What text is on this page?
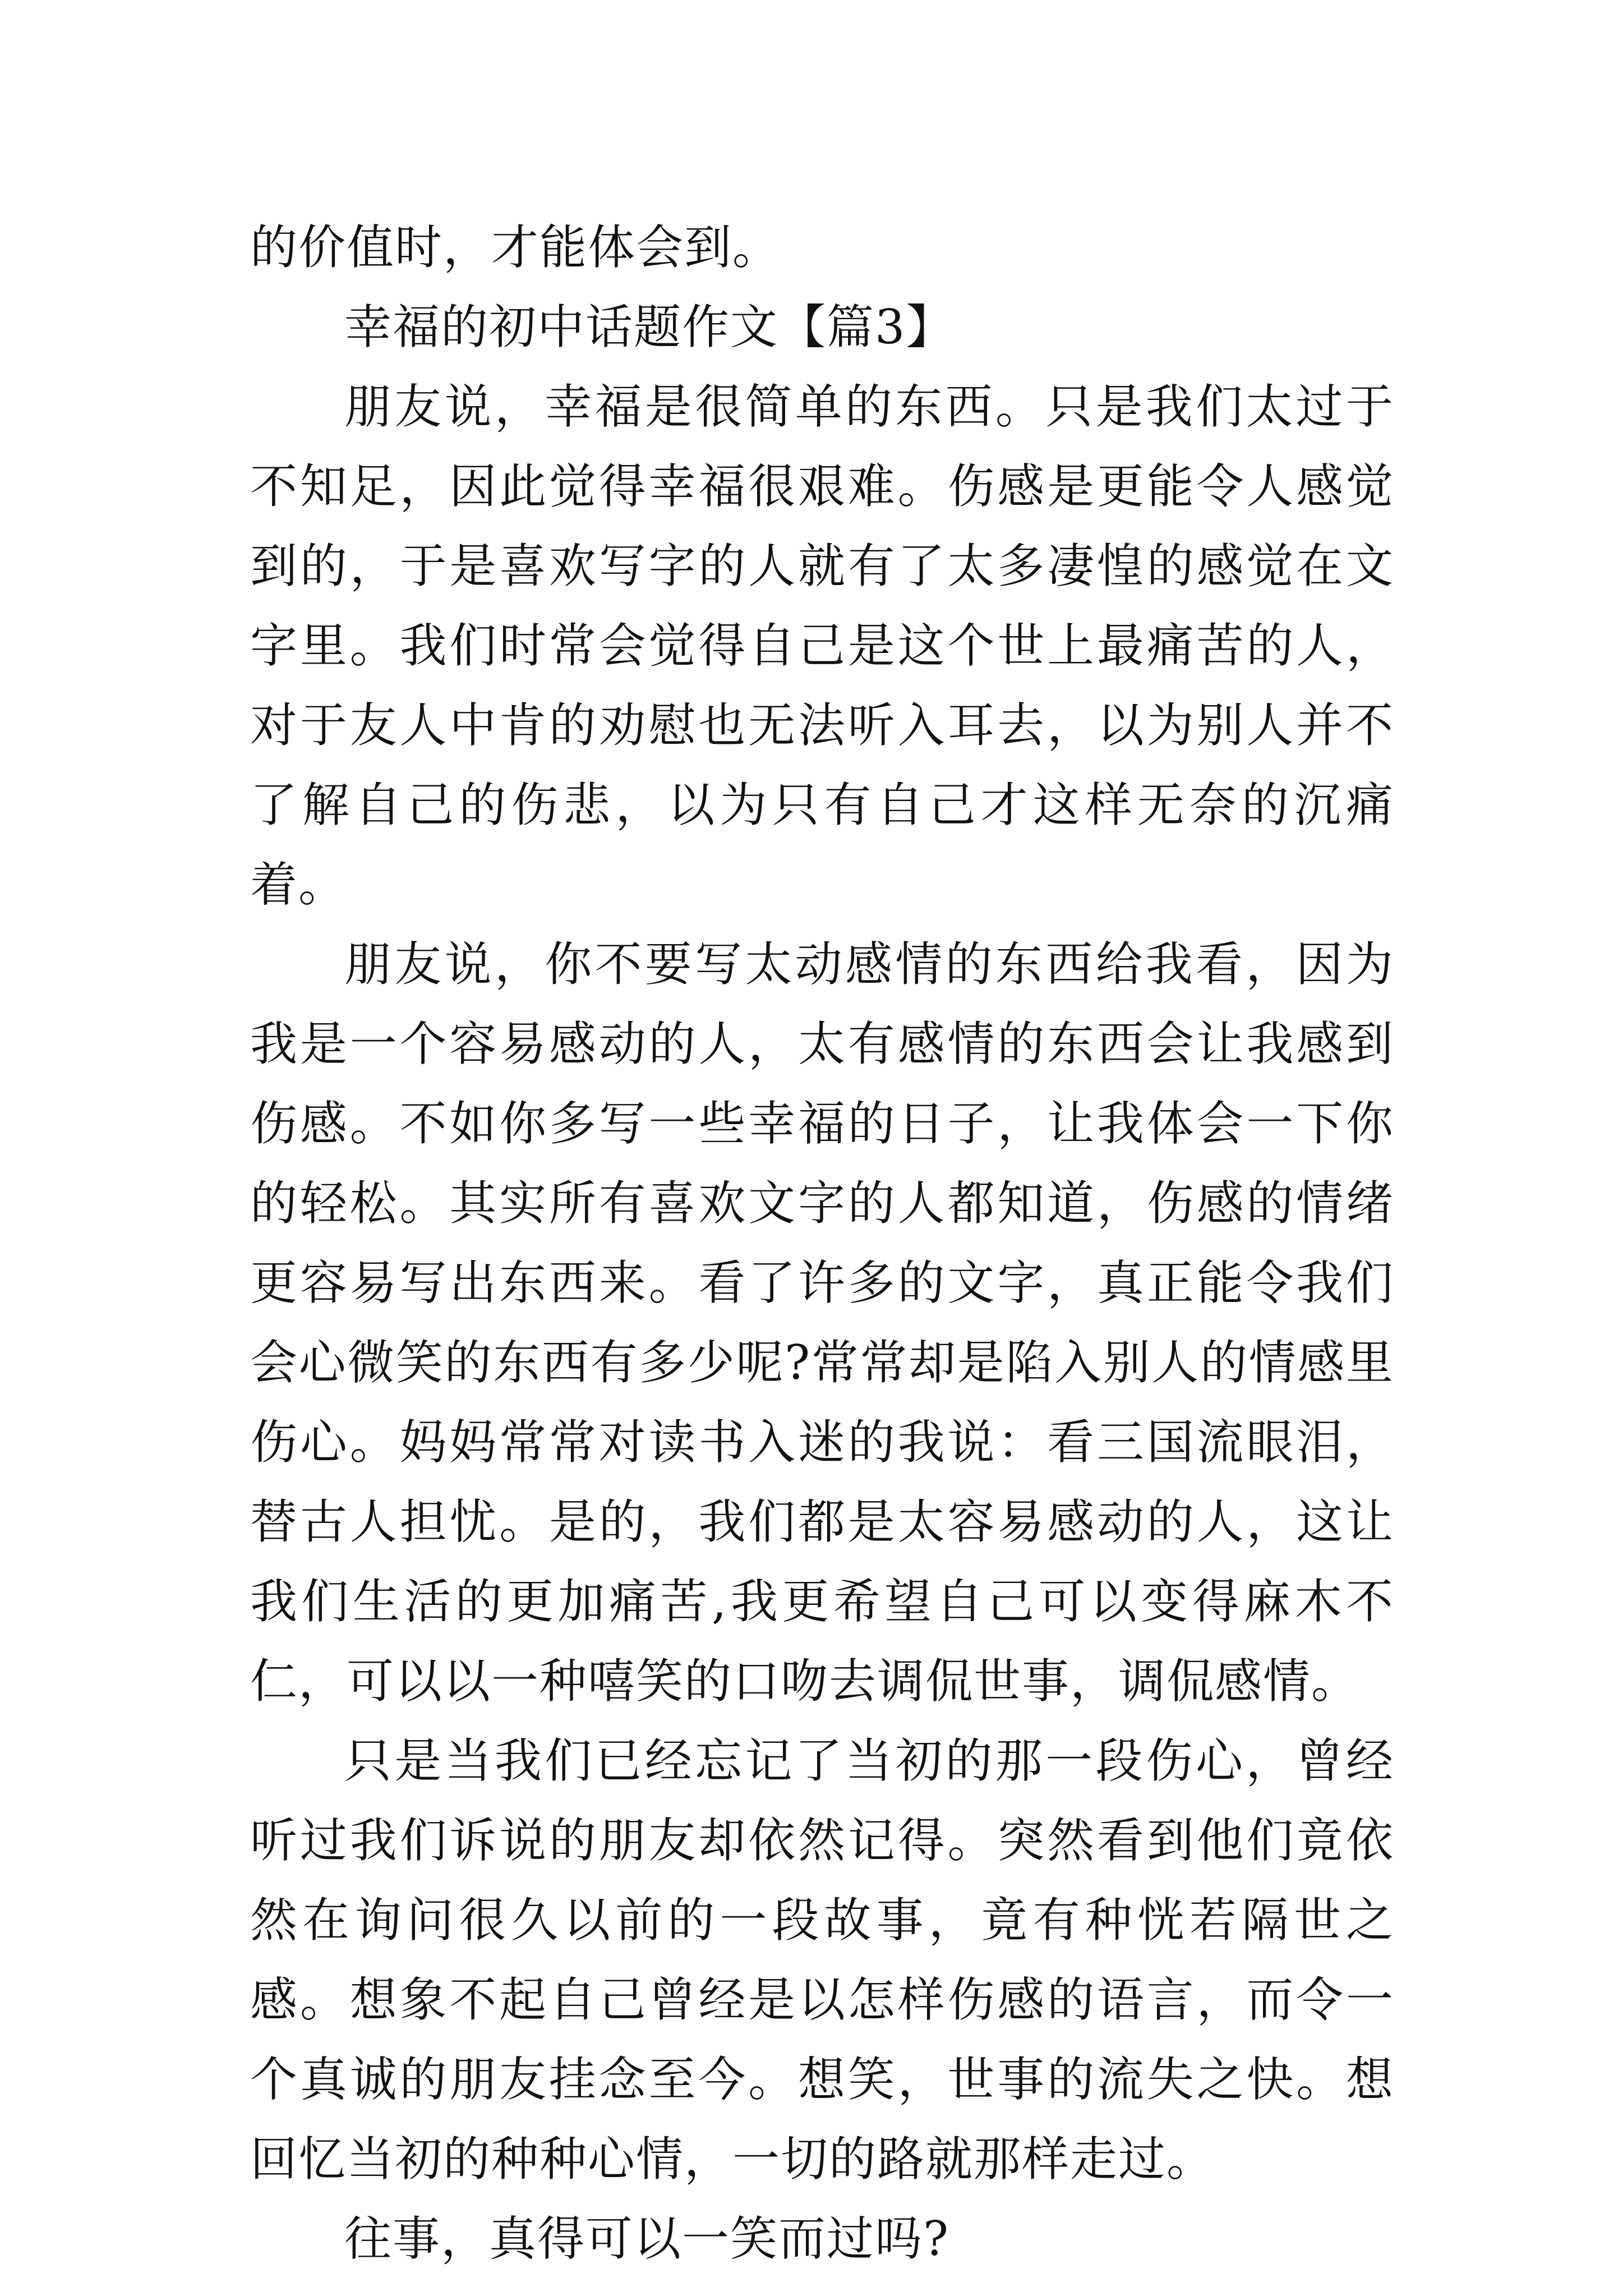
的价值时，才能体会到。

幸福的初中话题作文【篇3】

朋友说，幸福是很简单的东西。只是我们太过于不知足，因此觉得幸福很艰难。伤感是更能令人感觉到的，于是喜欢写字的人就有了太多凄惶的感觉在文字里。我们时常会觉得自己是这个世上最痛苦的人，对于友人中肯的劝慰也无法听入耳去，以为别人并不了解自己的伤悲，以为只有自己才这样无奈的沉痛着。

朋友说，你不要写太动感情的东西给我看，因为我是一个容易感动的人，太有感情的东西会让我感到伤感。不如你多写一些幸福的日子，让我体会一下你的轻松。其实所有喜欢文字的人都知道，伤感的情绪更容易写出东西来。看了许多的文字，真正能令我们会心微笑的东西有多少呢?常常却是陷入别人的情感里伤心。妈妈常常对读书入迷的我说：看三国流眼泪，替古人担忧。是的，我们都是太容易感动的人，这让我们生活的更加痛苦,我更希望自己可以变得麻木不仁，可以以一种嘻笑的口吻去调侃世事，调侃感情。

只是当我们已经忘记了当初的那一段伤心，曾经听过我们诉说的朋友却依然记得。突然看到他们竟依然在询问很久以前的一段故事，竟有种恍若隔世之感。想象不起自己曾经是以怎样伤感的语言，而令一个真诚的朋友挂念至今。想笑，世事的流失之快。想回忆当初的种种心情，一切的路就那样走过。

往事，真得可以一笑而过吗?
